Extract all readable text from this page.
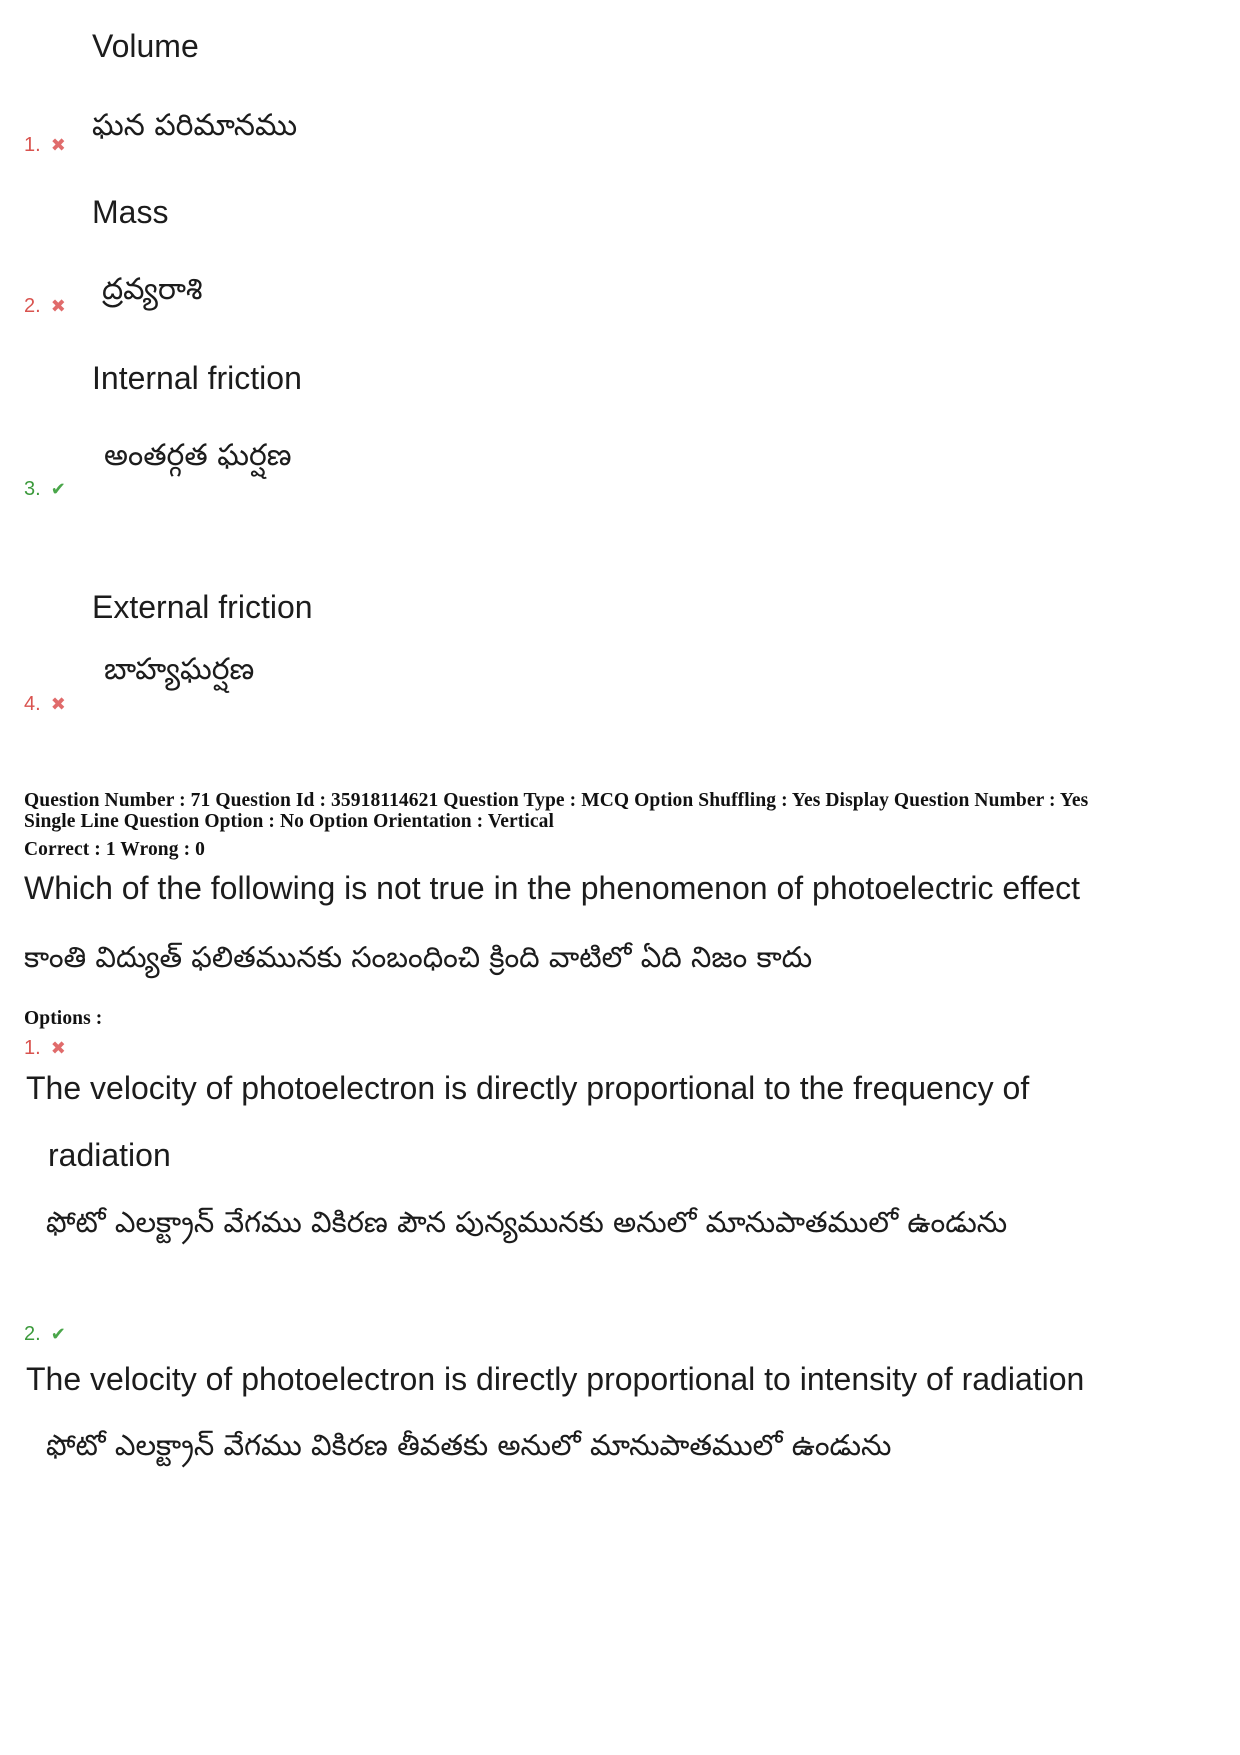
Volume
ఘన పరిమానము
1. ✖
Mass
ద్రవ్యరాశి
2. ✖
Internal friction
అంతర్గత ఘర్షణ
3. ✔
External friction
బాహ్యఘర్షణ
4. ✖
Question Number : 71 Question Id : 35918114621 Question Type : MCQ Option Shuffling : Yes Display Question Number : Yes
Single Line Question Option : No Option Orientation : Vertical
Correct : 1 Wrong : 0
Which of the following is not true in the phenomenon of photoelectric effect
కాంతి విద్యుత్ ఫలితమునకు సంబంధించి క్రింది వాటిలో ఏది నిజం కాదు
Options :
1. ✖
The velocity of photoelectron is directly proportional to the frequency of
radiation
ఫోటో ఎలక్ట్రాన్ వేగము వికిరణ పౌన పున్యమునకు అనులో మానుపాతములో ఉండును
2. ✔
The velocity of photoelectron is directly proportional to intensity of radiation
ఫోటో ఎలక్ట్రాన్ వేగము వికిరణ తీవతకు అనులో మానుపాతములో ఉండును
